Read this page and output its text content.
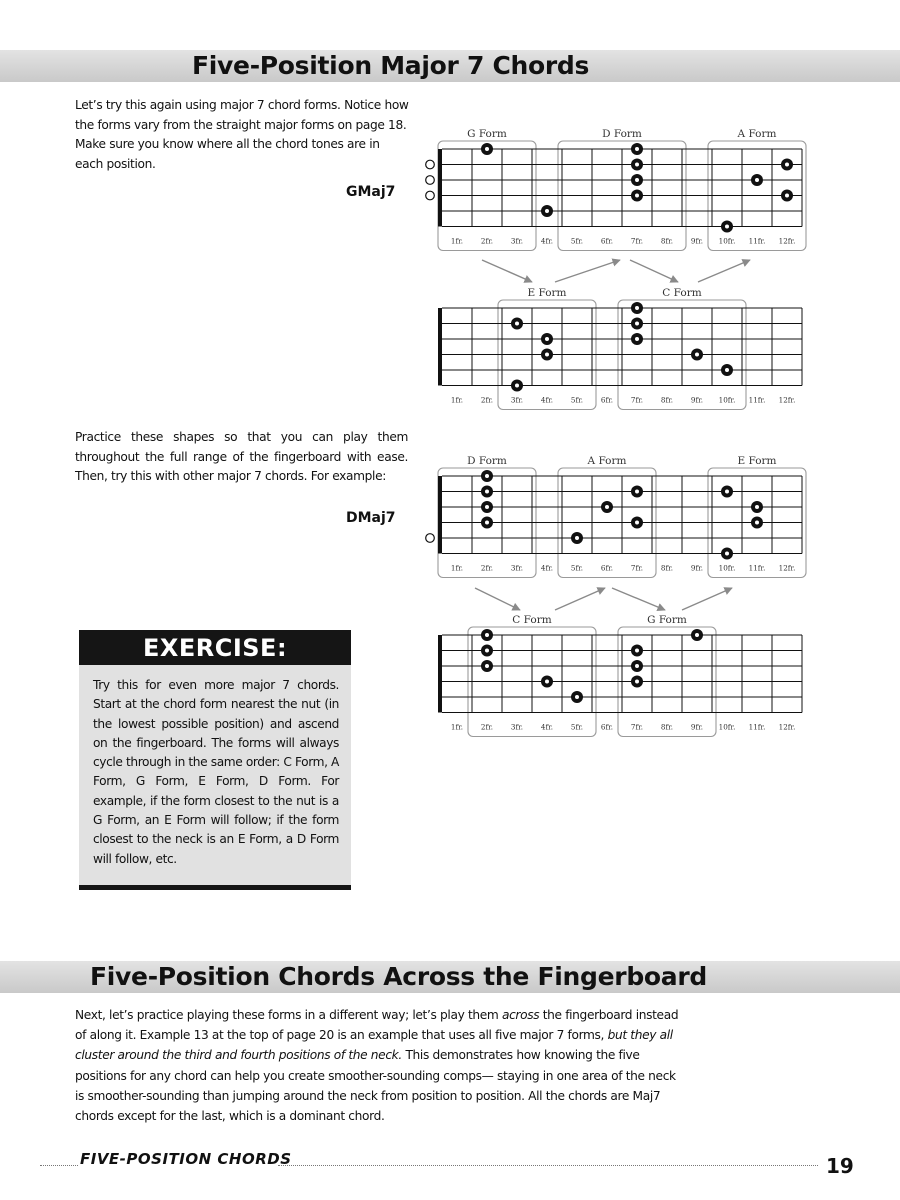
Five-Position Major 7 Chords

Let’s try this again using major 7 chord forms. Notice how the forms vary from the straight major forms on page 18. Make sure you know where all the chord tones are in each position.

GMaj7

Practice these shapes so that you can play them throughout the full range of the fingerboard with ease. Then, try this with other major 7 chords. For example:

DMaj7
G Form	D Form	A Form
1fr. 2fr. 3fr. 4fr. 5fr. 6fr. 7fr. 8fr. 9fr. 10fr. 11fr. 12fr.
E Form	C Form
1fr. 2fr. 3fr. 4fr. 5fr. 6fr. 7fr. 8fr. 9fr. 10fr. 11fr. 12fr.
D Form	A Form	E Form
1fr. 2fr. 3fr. 4fr. 5fr. 6fr. 7fr. 8fr. 9fr. 10fr. 11fr. 12fr.
C Form	G Form
1fr. 2fr. 3fr. 4fr. 5fr. 6fr. 7fr. 8fr. 9fr. 10fr. 11fr. 12fr.
EXERCISE:

Try this for even more major 7 chords. Start at the chord form nearest the nut (in the lowest possible position) and ascend on the fingerboard. The forms will always cycle through in the same order: C Form, A Form, G Form, E Form, D Form. For example, if the form closest to the nut is a G Form, an E Form will follow; if the form closest to the neck is an E Form, a D Form will follow, etc.

Five-Position Chords Across the Fingerboard

Next, let’s practice playing these forms in a different way; let’s play them across the fingerboard instead of along it. Example 13 at the top of page 20 is an example that uses all five major 7 forms, but they all cluster around the third and fourth positions of the neck. This demonstrates how knowing the five positions for any chord can help you create smoother-sounding comps— staying in one area of the neck is smoother-sounding than jumping around the neck from position to position. All the chords are Maj7 chords except for the last, which is a dominant chord.

FIVE-POSITION CHORDS	19
